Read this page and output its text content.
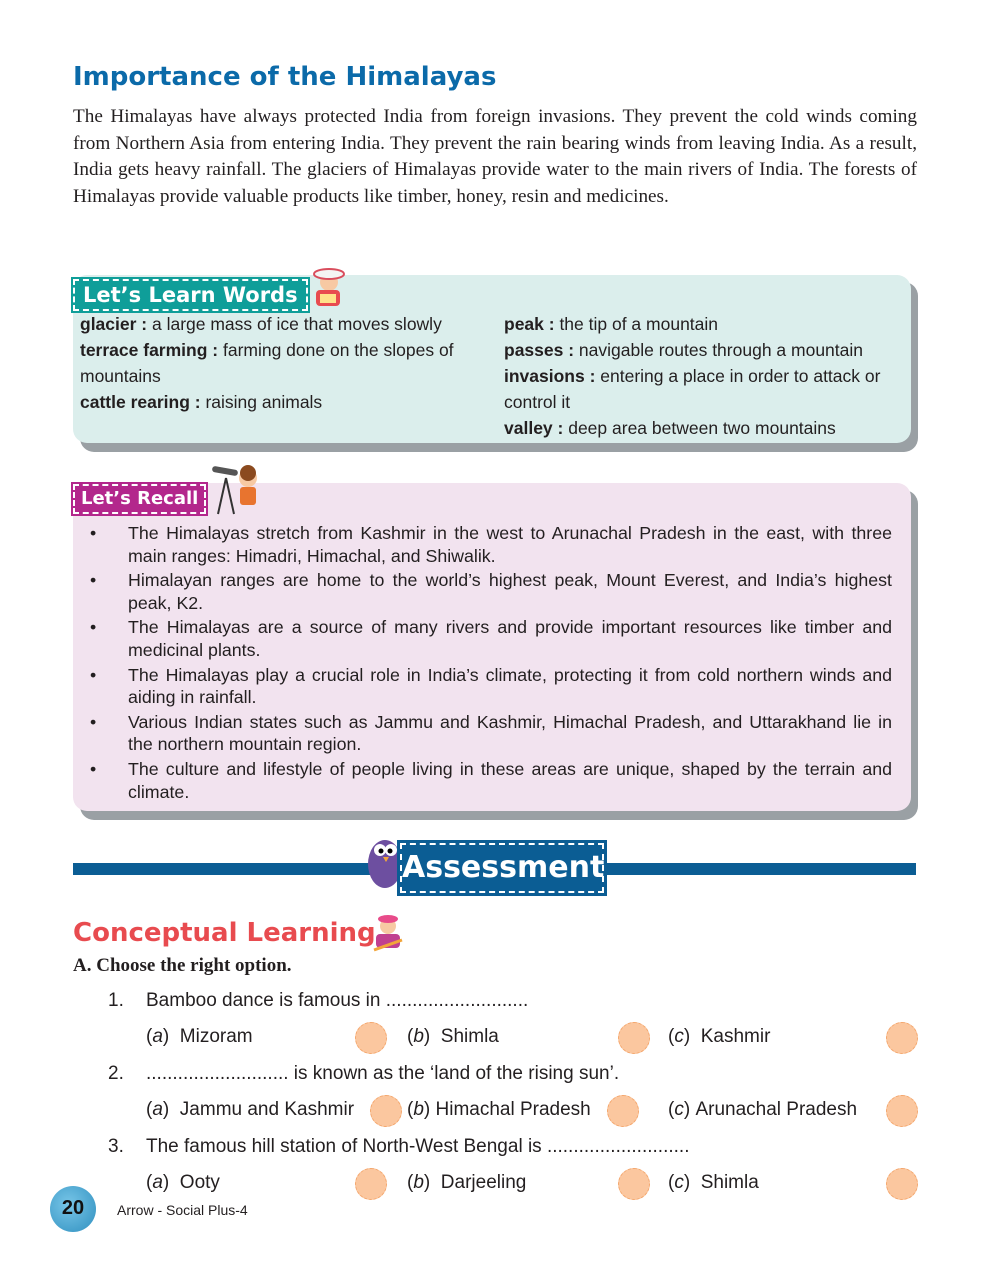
Importance of the Himalayas
The Himalayas have always protected India from foreign invasions. They prevent the cold winds coming from Northern Asia from entering India. They prevent the rain bearing winds from leaving India. As a result, India gets heavy rainfall. The glaciers of Himalayas provide water to the main rivers of India. The forests of Himalayas provide valuable products like timber, honey, resin and medicines.
Let’s Learn Words
glacier : a large mass of ice that moves slowly
terrace farming : farming done on the slopes of mountains
cattle rearing : raising animals
peak : the tip of a mountain
passes : navigable routes through a mountain
invasions : entering a place in order to attack or control it
valley : deep area between two mountains
Let’s Recall
• The Himalayas stretch from Kashmir in the west to Arunachal Pradesh in the east, with three main ranges: Himadri, Himachal, and Shiwalik.
• Himalayan ranges are home to the world’s highest peak, Mount Everest, and India’s highest peak, K2.
• The Himalayas are a source of many rivers and provide important resources like timber and medicinal plants.
• The Himalayas play a crucial role in India’s climate, protecting it from cold northern winds and aiding in rainfall.
• Various Indian states such as Jammu and Kashmir, Himachal Pradesh, and Uttarakhand lie in the northern mountain region.
• The culture and lifestyle of people living in these areas are unique, shaped by the terrain and climate.
Assessment
Conceptual Learning
A. Choose the right option.
1. Bamboo dance is famous in ...........................
(a)  Mizoram	(b)  Shimla	(c)  Kashmir
2. ........................... is known as the ‘land of the rising sun’.
(a)  Jammu and Kashmir	(b) Himachal Pradesh	(c) Arunachal Pradesh
3. The famous hill station of North-West Bengal is ...........................
(a)  Ooty	(b)  Darjeeling	(c)  Shimla
20	Arrow - Social Plus-4
